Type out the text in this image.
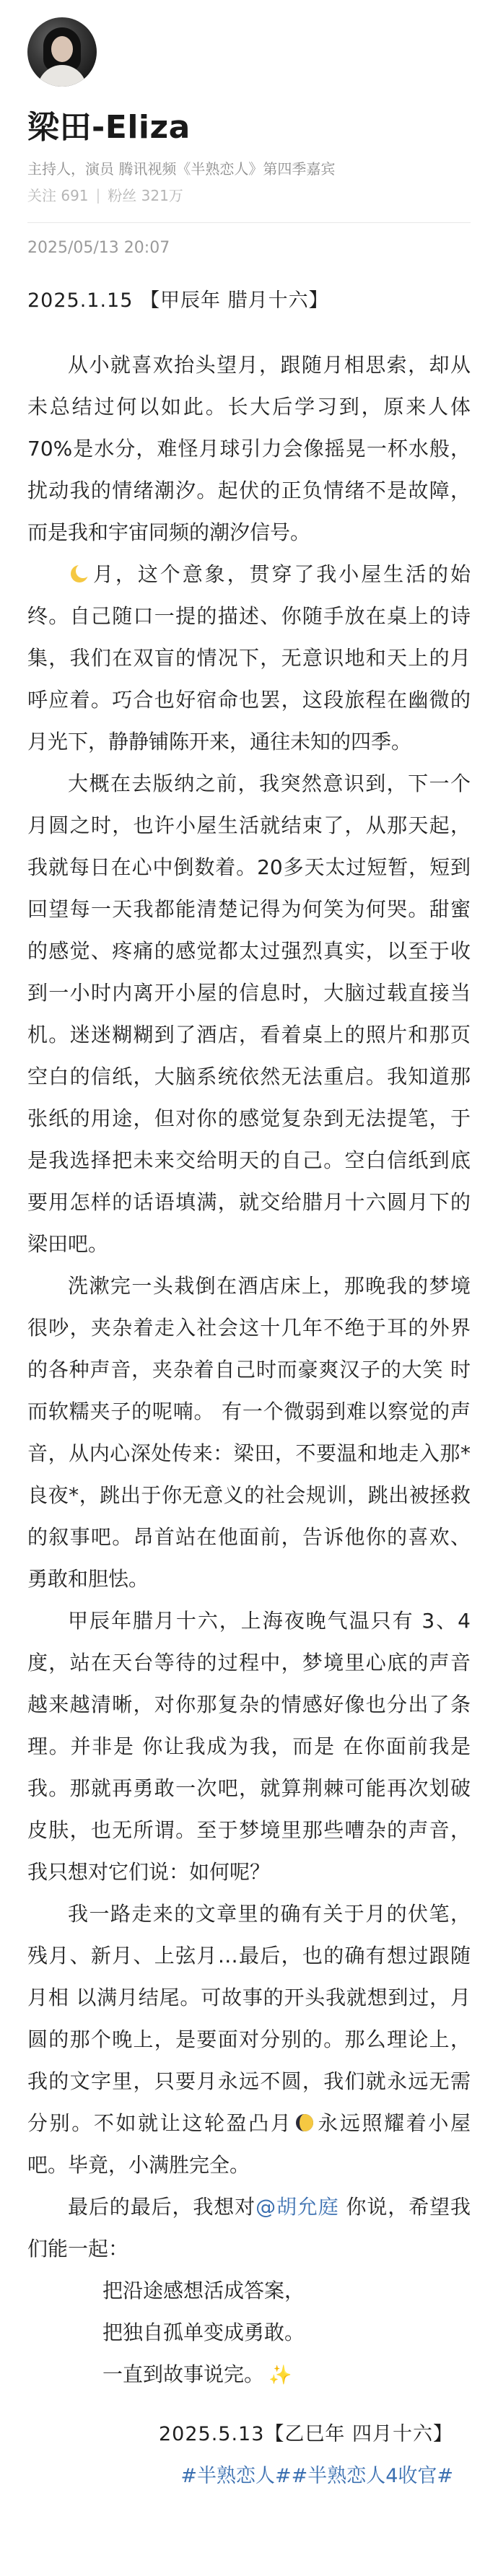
梁田-Eliza
主持人，演员 腾讯视频《半熟恋人》第四季嘉宾
关注 691 | 粉丝 321万
2025/05/13 20:07
2025.1.15 【甲辰年 腊月十六】

从小就喜欢抬头望月，跟随月相思索，却从未总结过何以如此。长大后学习到，原来人体70%是水分，难怪月球引力会像摇晃一杯水般，扰动我的情绪潮汐。起伏的正负情绪不是故障，而是我和宇宙同频的潮汐信号。

月，这个意象，贯穿了我小屋生活的始终。自己随口一提的描述、你随手放在桌上的诗集，我们在双盲的情况下，无意识地和天上的月呼应着。巧合也好宿命也罢，这段旅程在幽微的月光下，静静铺陈开来，通往未知的四季。

大概在去版纳之前，我突然意识到，下一个月圆之时，也许小屋生活就结束了，从那天起，我就每日在心中倒数着。20多天太过短暂，短到回望每一天我都能清楚记得为何笑为何哭。甜蜜的感觉、疼痛的感觉都太过强烈真实，以至于收到一小时内离开小屋的信息时，大脑过载直接当机。迷迷糊糊到了酒店，看着桌上的照片和那页空白的信纸，大脑系统依然无法重启。我知道那张纸的用途，但对你的感觉复杂到无法提笔，于是我选择把未来交给明天的自己。空白信纸到底要用怎样的话语填满，就交给腊月十六圆月下的梁田吧。

洗漱完一头栽倒在酒店床上，那晚我的梦境很吵，夹杂着走入社会这十几年不绝于耳的外界的各种声音，夹杂着自己时而豪爽汉子的大笑 时而软糯夹子的呢喃。 有一个微弱到难以察觉的声音，从内心深处传来：梁田，不要温和地走入那*良夜*，跳出于你无意义的社会规训，跳出被拯救的叙事吧。昂首站在他面前，告诉他你的喜欢、勇敢和胆怯。

甲辰年腊月十六，上海夜晚气温只有 3、4度，站在天台等待的过程中，梦境里心底的声音越来越清晰，对你那复杂的情感好像也分出了条理。并非是 你让我成为我，而是 在你面前我是我。那就再勇敢一次吧，就算荆棘可能再次划破皮肤，也无所谓。至于梦境里那些嘈杂的声音，我只想对它们说：如何呢？

我一路走来的文章里的确有关于月的伏笔，残月、新月、上弦月…最后，也的确有想过跟随月相 以满月结尾。可故事的开头我就想到过，月圆的那个晚上，是要面对分别的。那么理论上，我的文字里，只要月永远不圆，我们就永远无需分别。不如就让这轮盈凸月 永远照耀着小屋吧。毕竟，小满胜完全。

最后的最后，我想对@胡允庭 你说，希望我们能一起：

把沿途感想活成答案，

把独自孤单变成勇敢。

一直到故事说完。 ✨

2025.5.13【乙巳年 四月十六】
#半熟恋人##半熟恋人4收官#
